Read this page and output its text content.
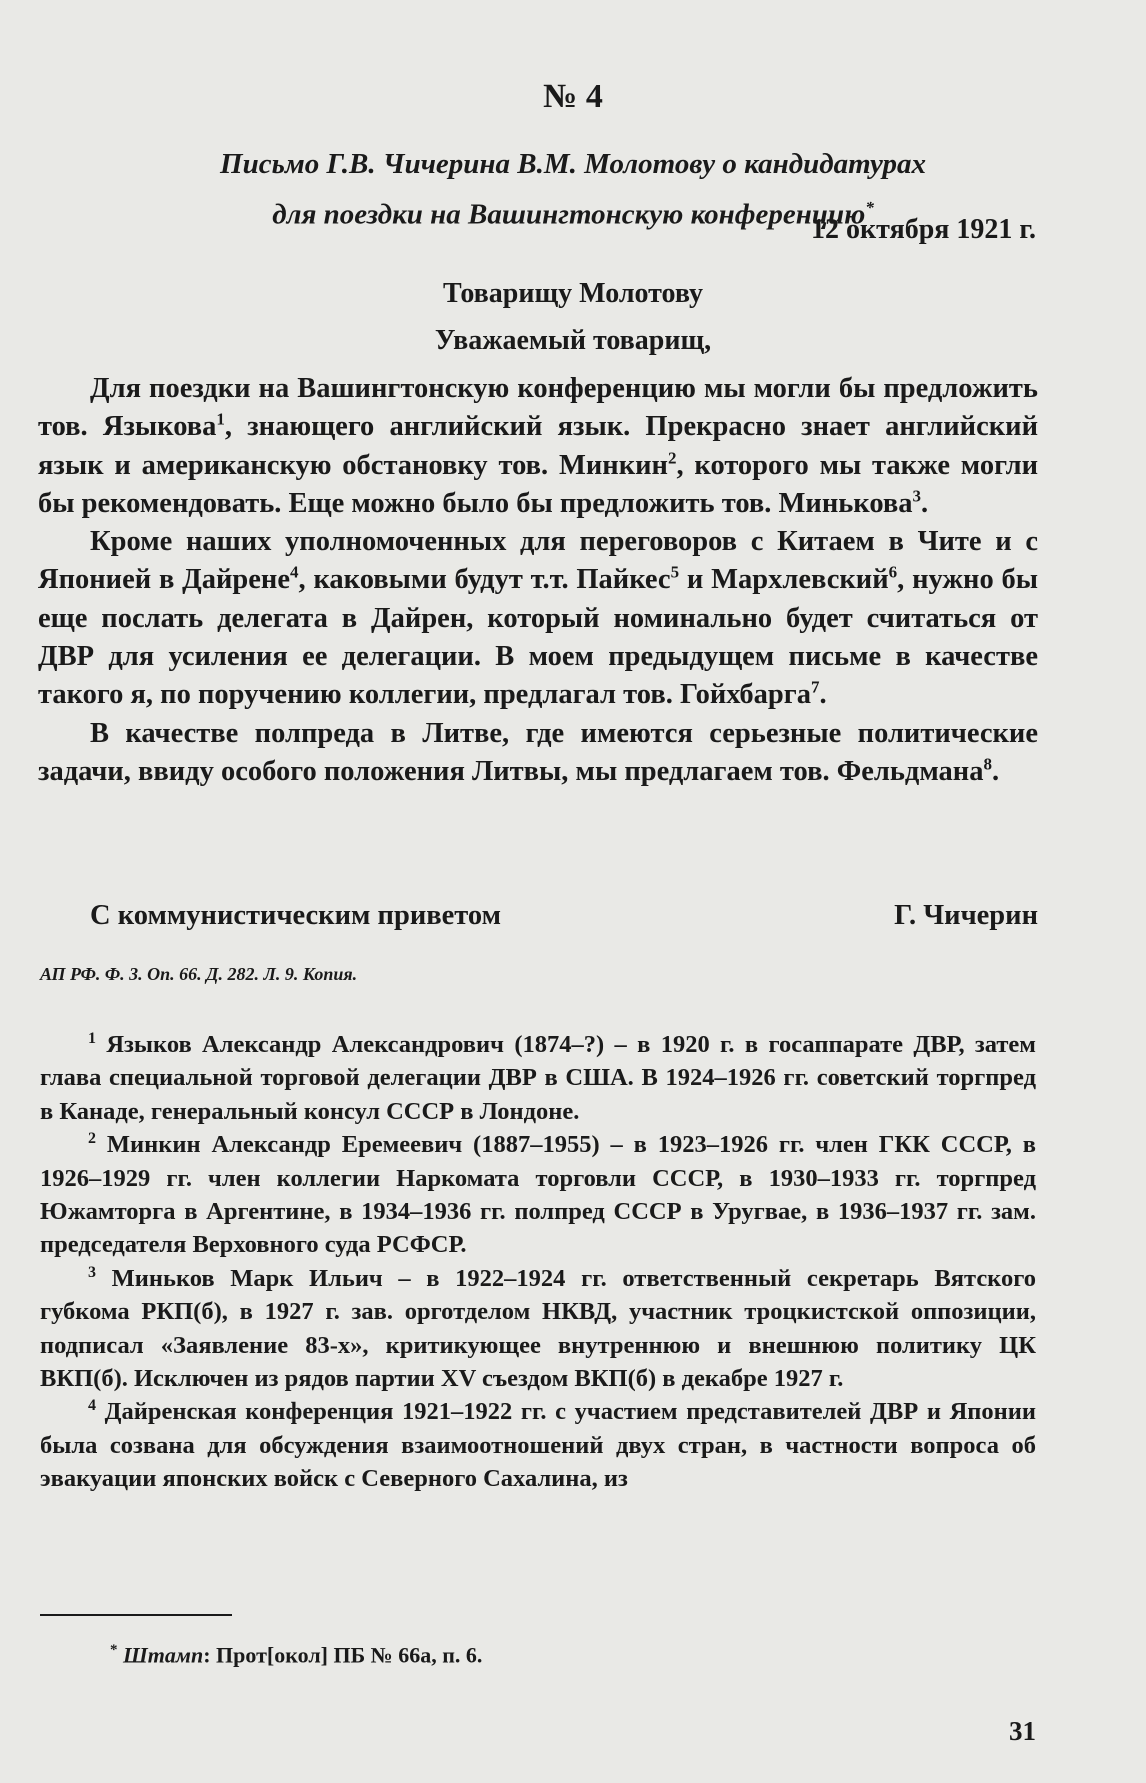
№ 4
Письмо Г.В. Чичерина В.М. Молотову о кандидатурах
для поездки на Вашингтонскую конференцию*
12 октября 1921 г.
Товарищу Молотову
Уважаемый товарищ,

Для поездки на Вашингтонскую конференцию мы могли бы предложить тов. Языкова$^1$, знающего английский язык. Прекрасно знает английский язык и американскую обстановку тов. Минкин$^2$, которого мы также могли бы рекомендовать. Еще можно было бы предложить тов. Минькова$^3$.

Кроме наших уполномоченных для переговоров с Китаем в Чите и с Японией в Дайрене$^4$, каковыми будут т.т. Пайкес$^5$ и Мархлевский$^6$, нужно бы еще послать делегата в Дайрен, который номинально будет считаться от ДВР для усиления ее делегации. В моем предыдущем письме в качестве такого я, по поручению коллегии, предлагал тов. Гойхбарга$^7$.

В качестве полпреда в Литве, где имеются серьезные политические задачи, ввиду особого положения Литвы, мы предлагаем тов. Фельдмана$^8$.

С коммунистическим приветом	Г. Чичерин
АП РФ. Ф. 3. Оп. 66. Д. 282. Л. 9. Копия.

$^1$ Языков Александр Александрович (1874–?) – в 1920 г. в госаппарате ДВР, затем глава специальной торговой делегации ДВР в США. В 1924–1926 гг. советский торгпред в Канаде, генеральный консул СССР в Лондоне.

$^2$ Минкин Александр Еремеевич (1887–1955) – в 1923–1926 гг. член ГКК СССР, в 1926–1929 гг. член коллегии Наркомата торговли СССР, в 1930–1933 гг. торгпред Южамторга в Аргентине, в 1934–1936 гг. полпред СССР в Уругвае, в 1936–1937 гг. зам. председателя Верховного суда РСФСР.

$^3$ Миньков Марк Ильич – в 1922–1924 гг. ответственный секретарь Вятского губкома РКП(б), в 1927 г. зав. орготделом НКВД, участник троцкистской оппозиции, подписал «Заявление 83-х», критикующее внутреннюю и внешнюю политику ЦК ВКП(б). Исключен из рядов партии XV съездом ВКП(б) в декабре 1927 г.

$^4$ Дайренская конференция 1921–1922 гг. с участием представителей ДВР и Японии была созвана для обсуждения взаимоотношений двух стран, в частности вопроса об эвакуации японских войск с Северного Сахалина, из

* Штамп: Прот[окол] ПБ № 66а, п. 6.
31
